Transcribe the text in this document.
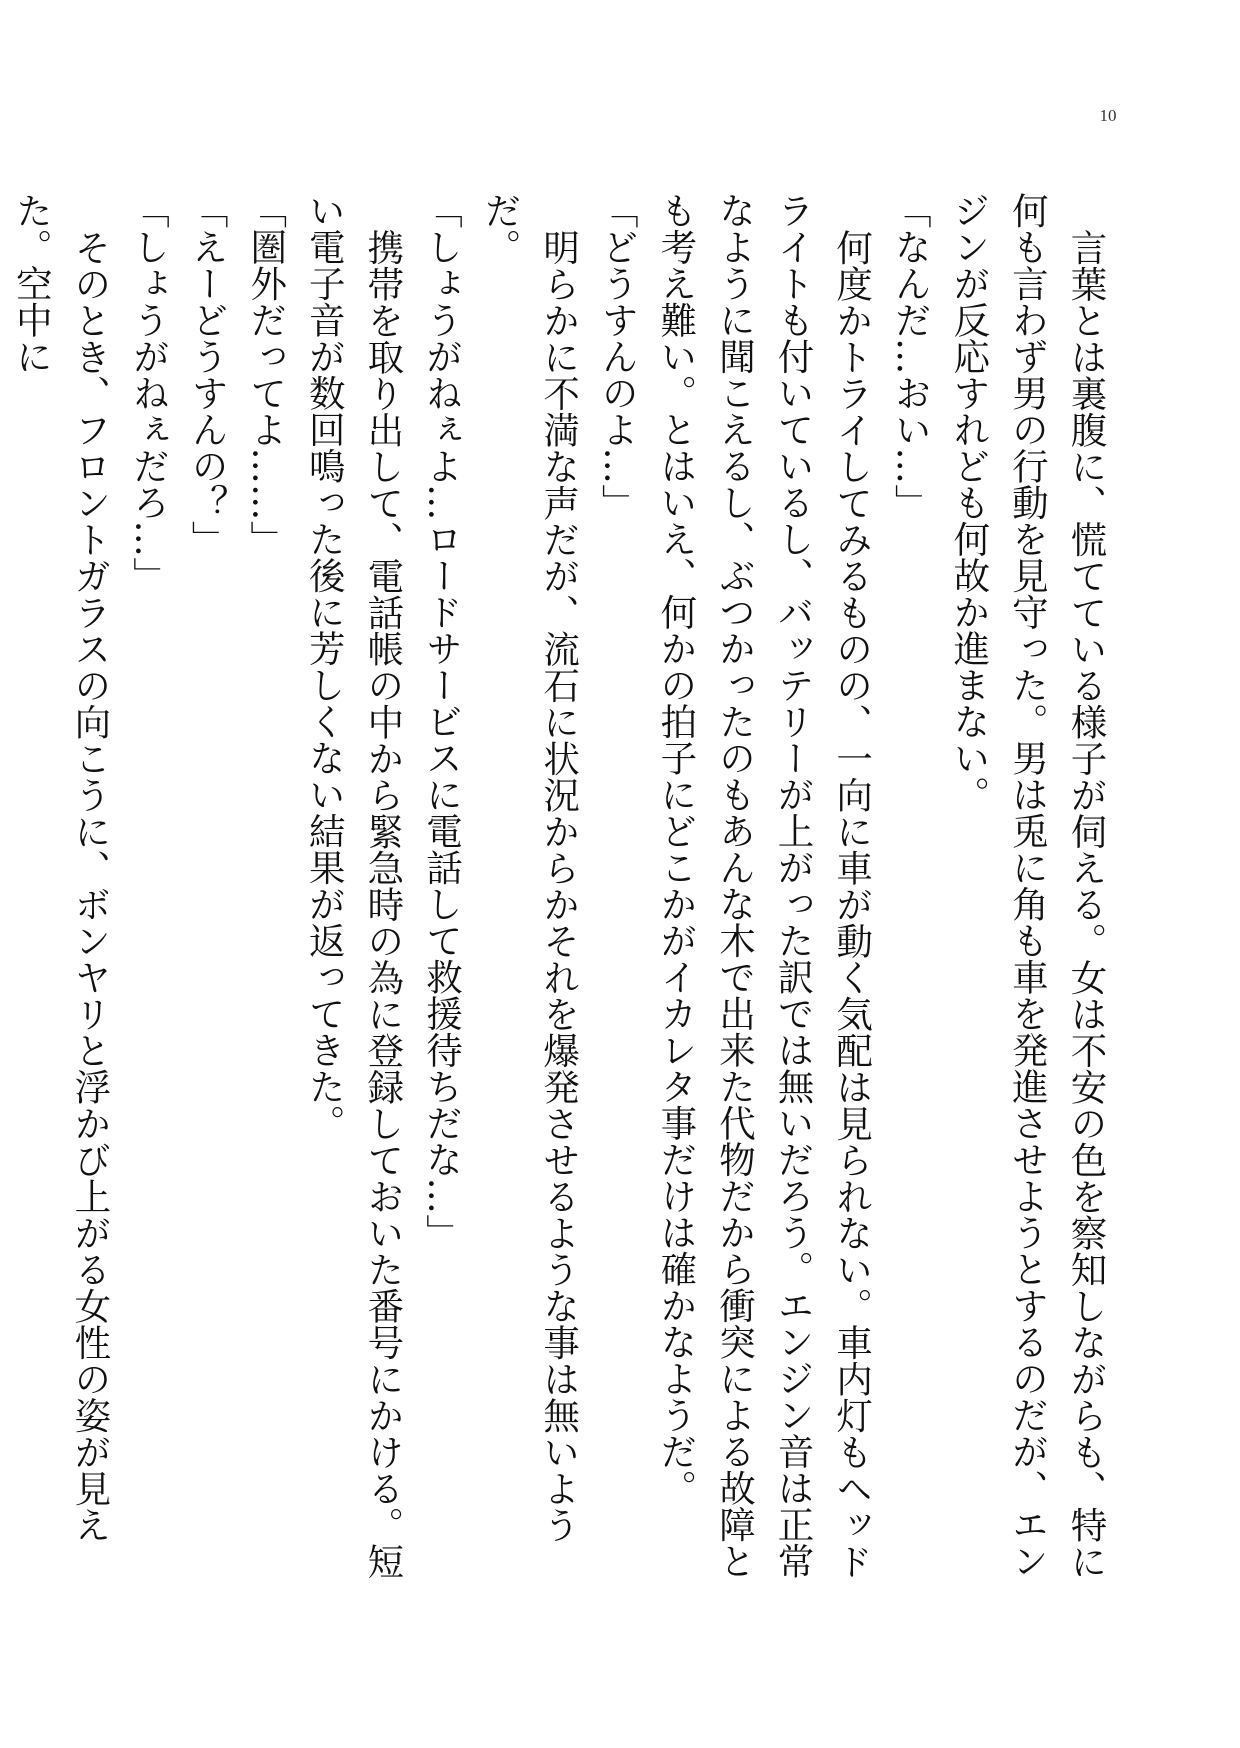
10

言葉とは裏腹に、慌てている様子が伺える。女は不安の色を察知しながらも、特に何も言わず男の行動を見守った。男は兎に角も車を発進させようとするのだが、エンジンが反応すれども何故か進まない。

「なんだ…おい…」

何度かトライしてみるものの、一向に車が動く気配は見られない。車内灯もヘッドライトも付いているし、バッテリーが上がった訳では無いだろう。エンジン音は正常なように聞こえるし、ぶつかったのもあんな木で出来た代物だから衝突による故障とも考え難い。とはいえ、何かの拍子にどこかがイカレタ事だけは確かなようだ。

「どうすんのよ…」

明らかに不満な声だが、流石に状況からかそれを爆発させるような事は無いようだ。

「しょうがねぇよ…ロードサービスに電話して救援待ちだな…」

携帯を取り出して、電話帳の中から緊急時の為に登録しておいた番号にかける。短い電子音が数回鳴った後に芳しくない結果が返ってきた。

「圏外だってよ……」

「えーどうすんの？」

「しょうがねぇだろ…」

そのとき、フロントガラスの向こうに、ボンヤリと浮かび上がる女性の姿が見えた。空中に
